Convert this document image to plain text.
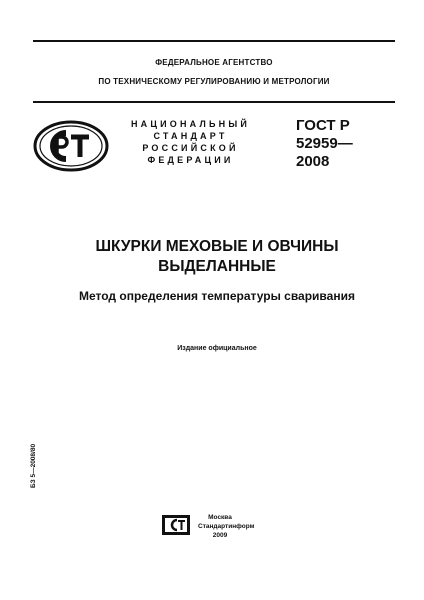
ФЕДЕРАЛЬНОЕ АГЕНТСТВО
ПО ТЕХНИЧЕСКОМУ РЕГУЛИРОВАНИЮ И МЕТРОЛОГИИ
НАЦИОНАЛЬНЫЙ
СТАНДАРТ
РОССИЙСКОЙ
ФЕДЕРАЦИИ
ГОСТ Р
52959—
2008
ШКУРКИ МЕХОВЫЕ И ОВЧИНЫ
ВЫДЕЛАННЫЕ
Метод определения температуры сваривания
Издание официальное
БЗ 5—2008/80
Москва
Стандартинформ
2009
